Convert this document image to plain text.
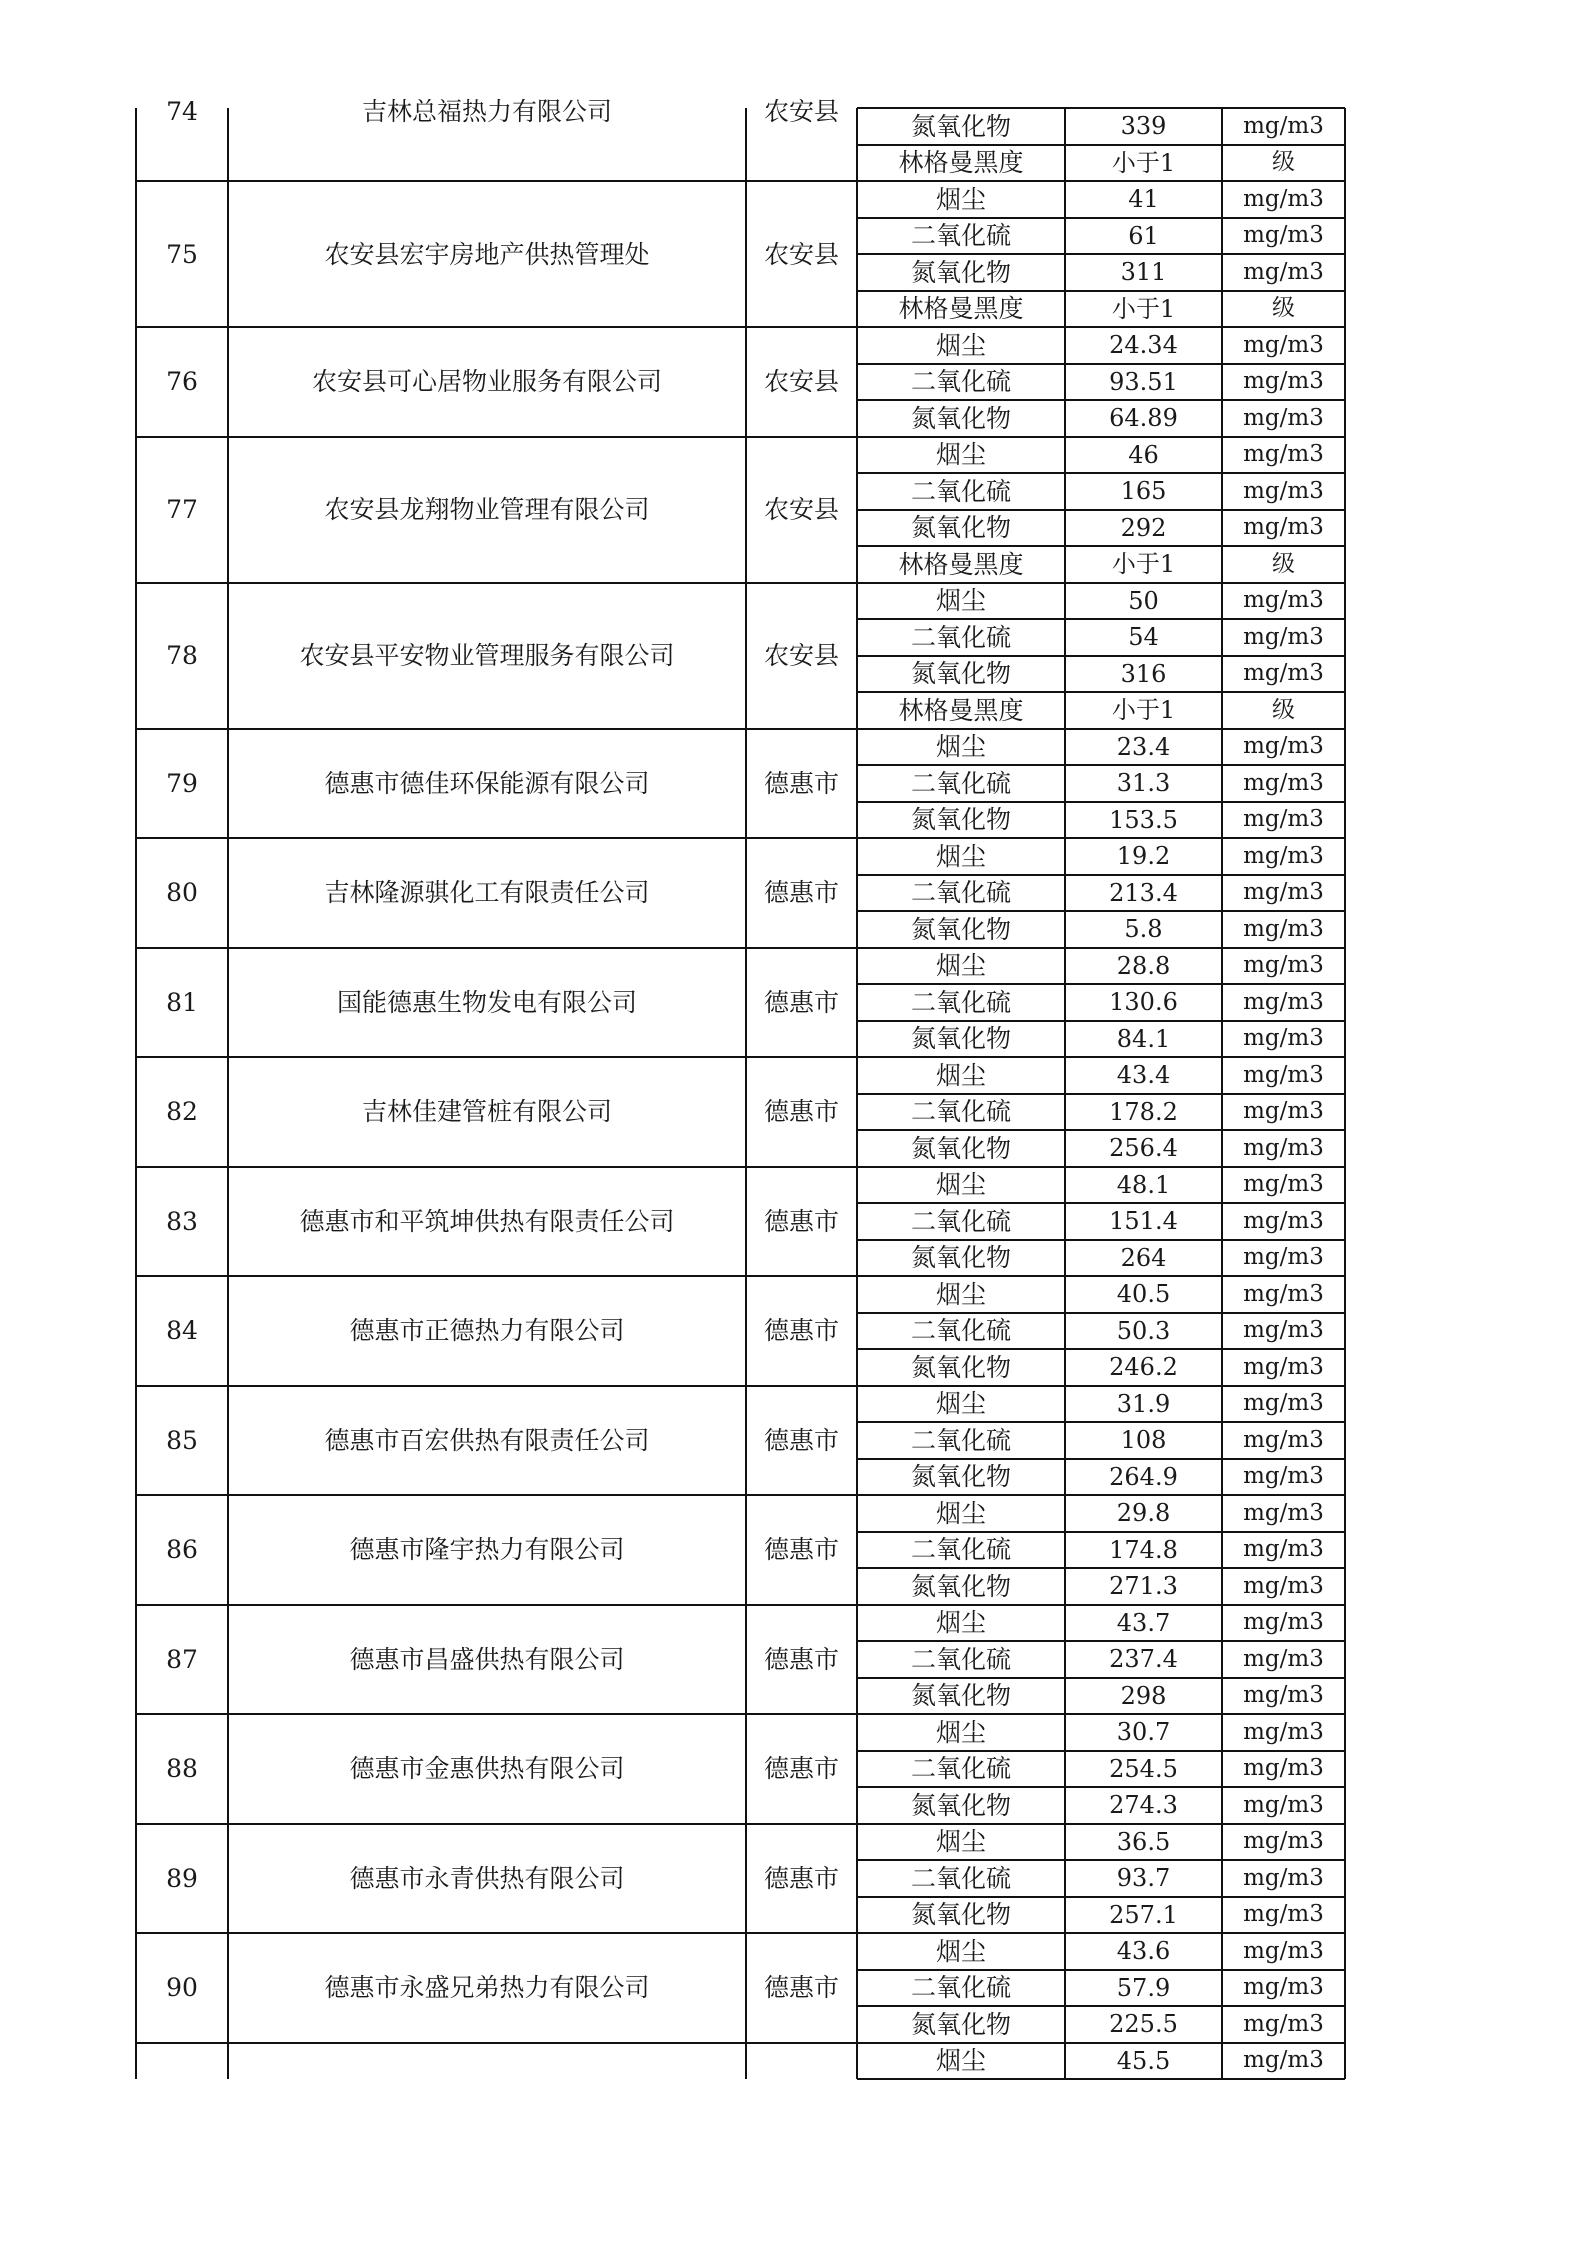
74	吉林总福热力有限公司	农安县
氮氧化物	339	mg/m3
林格曼黑度	小于1	级
75	农安县宏宇房地产供热管理处	农安县
烟尘	41	mg/m3
二氧化硫	61	mg/m3
氮氧化物	311	mg/m3
林格曼黑度	小于1	级
76	农安县可心居物业服务有限公司	农安县
烟尘	24.34	mg/m3
二氧化硫	93.51	mg/m3
氮氧化物	64.89	mg/m3
77	农安县龙翔物业管理有限公司	农安县
烟尘	46	mg/m3
二氧化硫	165	mg/m3
氮氧化物	292	mg/m3
林格曼黑度	小于1	级
78	农安县平安物业管理服务有限公司	农安县
烟尘	50	mg/m3
二氧化硫	54	mg/m3
氮氧化物	316	mg/m3
林格曼黑度	小于1	级
79	德惠市德佳环保能源有限公司	德惠市
烟尘	23.4	mg/m3
二氧化硫	31.3	mg/m3
氮氧化物	153.5	mg/m3
80	吉林隆源骐化工有限责任公司	德惠市
烟尘	19.2	mg/m3
二氧化硫	213.4	mg/m3
氮氧化物	5.8	mg/m3
81	国能德惠生物发电有限公司	德惠市
烟尘	28.8	mg/m3
二氧化硫	130.6	mg/m3
氮氧化物	84.1	mg/m3
82	吉林佳建管桩有限公司	德惠市
烟尘	43.4	mg/m3
二氧化硫	178.2	mg/m3
氮氧化物	256.4	mg/m3
83	德惠市和平筑坤供热有限责任公司	德惠市
烟尘	48.1	mg/m3
二氧化硫	151.4	mg/m3
氮氧化物	264	mg/m3
84	德惠市正德热力有限公司	德惠市
烟尘	40.5	mg/m3
二氧化硫	50.3	mg/m3
氮氧化物	246.2	mg/m3
85	德惠市百宏供热有限责任公司	德惠市
烟尘	31.9	mg/m3
二氧化硫	108	mg/m3
氮氧化物	264.9	mg/m3
86	德惠市隆宇热力有限公司	德惠市
烟尘	29.8	mg/m3
二氧化硫	174.8	mg/m3
氮氧化物	271.3	mg/m3
87	德惠市昌盛供热有限公司	德惠市
烟尘	43.7	mg/m3
二氧化硫	237.4	mg/m3
氮氧化物	298	mg/m3
88	德惠市金惠供热有限公司	德惠市
烟尘	30.7	mg/m3
二氧化硫	254.5	mg/m3
氮氧化物	274.3	mg/m3
89	德惠市永青供热有限公司	德惠市
烟尘	36.5	mg/m3
二氧化硫	93.7	mg/m3
氮氧化物	257.1	mg/m3
90	德惠市永盛兄弟热力有限公司	德惠市
烟尘	43.6	mg/m3
二氧化硫	57.9	mg/m3
氮氧化物	225.5	mg/m3
烟尘	45.5	mg/m3
